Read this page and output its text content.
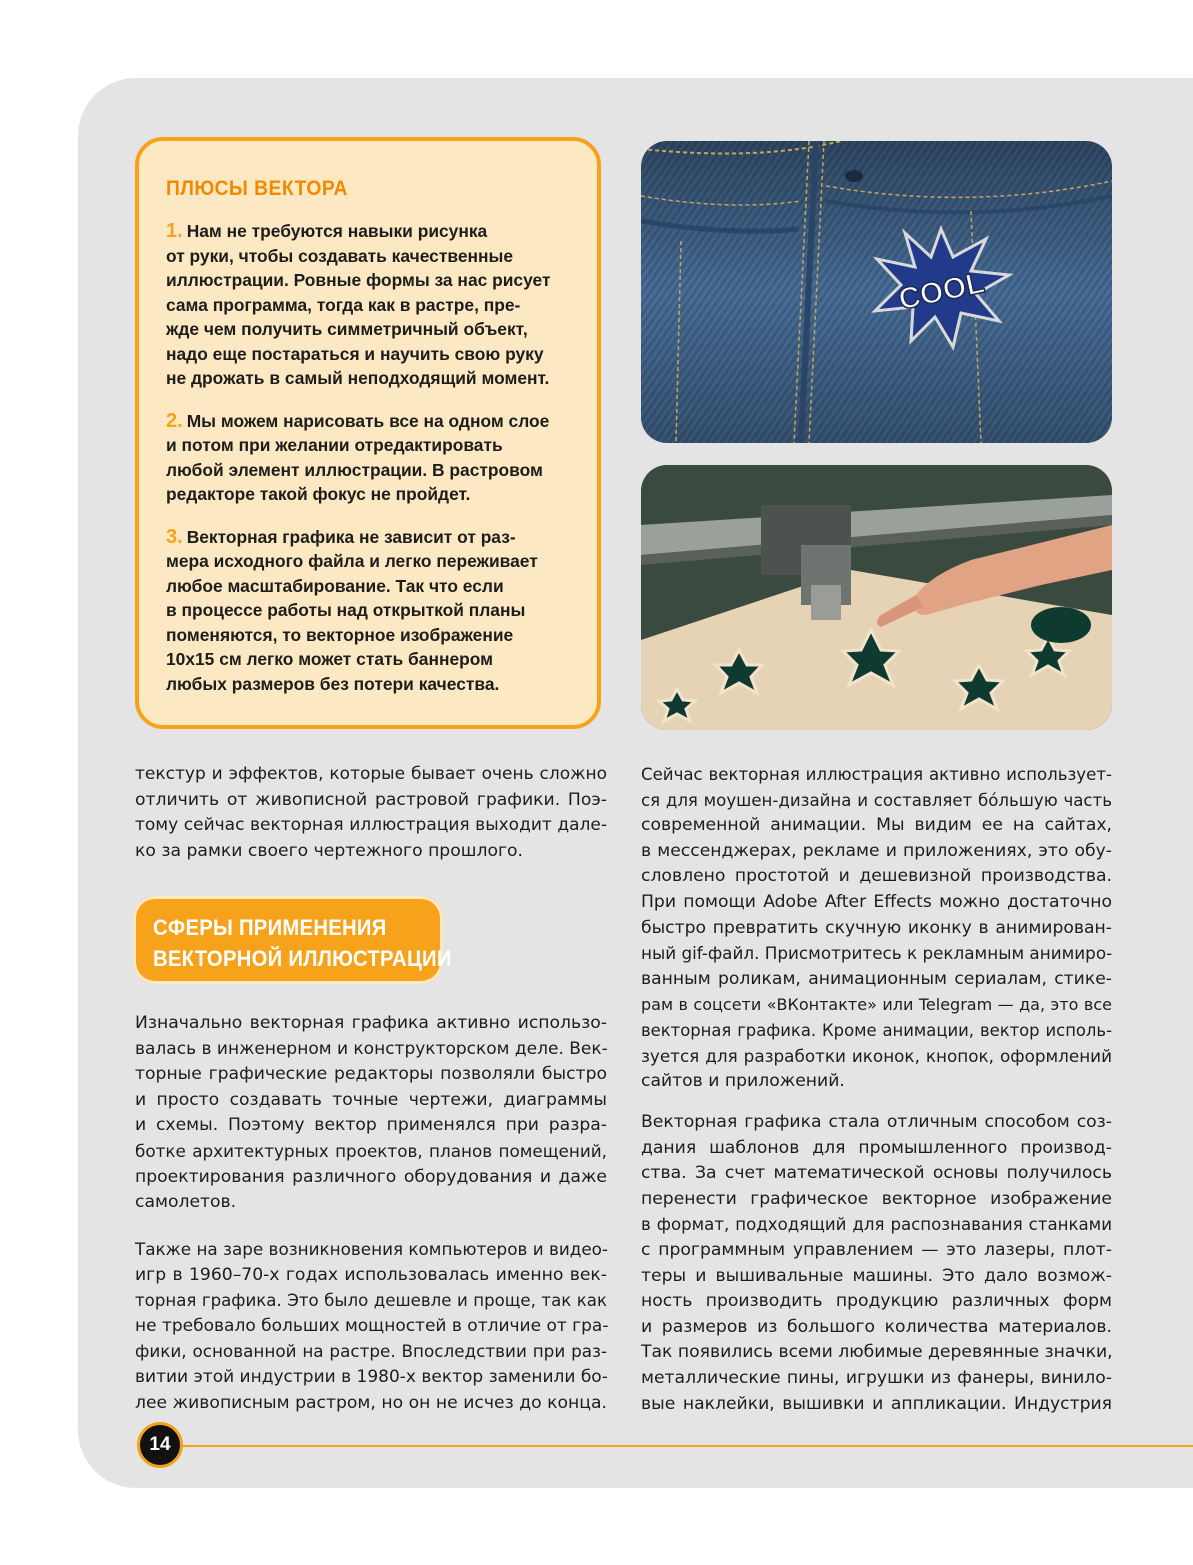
ПЛЮСЫ ВЕКТОРА
1. Нам не требуются навыки рисунка
от руки, чтобы создавать качественные
иллюстрации. Ровные формы за нас рисует
сама программа, тогда как в растре, пре-
жде чем получить симметричный объект,
надо еще постараться и научить свою руку
не дрожать в самый неподходящий момент.
2. Мы можем нарисовать все на одном слое
и потом при желании отредактировать
любой элемент иллюстрации. В растровом
редакторе такой фокус не пройдет.
3. Векторная графика не зависит от раз-
мера исходного файла и легко переживает
любое масштабирование. Так что если
в процессе работы над открыткой планы
поменяются, то векторное изображение
10х15 см легко может стать баннером
любых размеров без потери качества.
COOL
текстур и эффектов, которые бывает очень сложно
отличить от живописной растровой графики. Поэ-
тому сейчас векторная иллюстрация выходит дале-
ко за рамки своего чертежного прошлого.
СФЕРЫ ПРИМЕНЕНИЯ
ВЕКТОРНОЙ ИЛЛЮСТРАЦИИ
Изначально векторная графика активно использо-
валась в инженерном и конструкторском деле. Век-
торные графические редакторы позволяли быстро
и просто создавать точные чертежи, диаграммы
и схемы. Поэтому вектор применялся при разра-
ботке архитектурных проектов, планов помещений,
проектирования различного оборудования и даже
самолетов.
Также на заре возникновения компьютеров и видео-
игр в 1960–70-х годах использовалась именно век-
торная графика. Это было дешевле и проще, так как
не требовало больших мощностей в отличие от гра-
фики, основанной на растре. Впоследствии при раз-
витии этой индустрии в 1980-х вектор заменили бо-
лее живописным растром, но он не исчез до конца.
Сейчас векторная иллюстрация активно использует-
ся для моушен-дизайна и составляет бóльшую часть
современной анимации. Мы видим ее на сайтах,
в мессенджерах, рекламе и приложениях, это обу-
словлено простотой и дешевизной производства.
При помощи Adobe After Effects можно достаточно
быстро превратить скучную иконку в анимирован-
ный gif-файл. Присмотритесь к рекламным анимиро-
ванным роликам, анимационным сериалам, стике-
рам в соцсети «ВКонтакте» или Telegram — да, это все
векторная графика. Кроме анимации, вектор исполь-
зуется для разработки иконок, кнопок, оформлений
сайтов и приложений.
Векторная графика стала отличным способом соз-
дания шаблонов для промышленного производ-
ства. За счет математической основы получилось
перенести графическое векторное изображение
в формат, подходящий для распознавания станками
с программным управлением — это лазеры, плот-
теры и вышивальные машины. Это дало возмож-
ность производить продукцию различных форм
и размеров из большого количества материалов.
Так появились всеми любимые деревянные значки,
металлические пины, игрушки из фанеры, винило-
вые наклейки, вышивки и аппликации. Индустрия
14
